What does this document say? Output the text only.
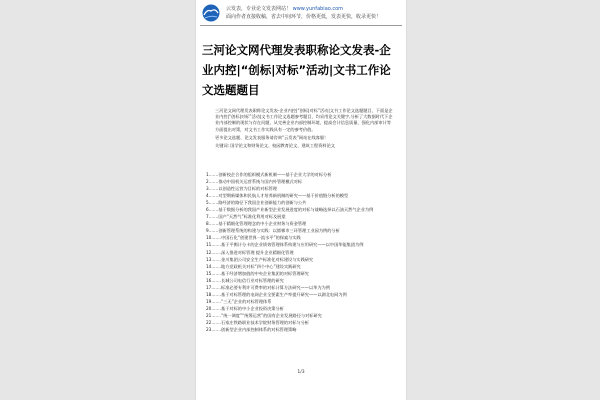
云发表，专业论文发表网站！ www.yunfabiao.com
面向作者直接收稿，省去中间环节，价格更低，发表更快，收录更快！
三河论文网代理发表职称论文发表-企业内控|“创标|对标”活动|文书工作论文选题题目

三河论文网代理发表职称论文发表-企业内控|“创标|对标”活动|文书工作论文选题题目，下面是企业内控|“创标|对标”活动|文书工作论文选题参考题目，均采用论文关键字,分析了大数据时代下企业内部控制的现状与存在问题，从完善企业内部控制环境、提高会计信息质量、强化内部审计等方面提出对策，对文书工作实践具有一定的参考价值。

更多论文选题、论文发表服务请咨询“云发表”网站在线客服！

关键词: 国学论文和财务论文、校园教育论文、建筑工程资料论文

1.……创新校企合作的组织模式新机制——基于企业大学的对标分析
2.……推动中国机关运营系统与国内外管理模式对标
3.……以创造性运营为目标的对标管理
4.……对型期新媒体和民航人才培养新机制的研究——基于价值链分析的模型
5.……路经济的路径下我国企业创新能力的创新与公共
6.……基于数据分析的我国产业新型企业发展进度的对标与战略选择以石油天然气企业为例
7.……国产“天然气”标准化利用对标及展望
8.……基于精细化管理理念的中小企业财务与资金管理
9.……创新管理系统的构建与实践：以邯郸市三环管理工业园为例的分析
10.……中国石化“创建世界一流水平”的探索与实践
11.……基于平衡计分卡的企业绩效管理体系构建与应用研究——以中国华能集团为例
12.……深入推进对标管理 提升企业精细化管理
13.……金川集团公司安全生产标准化对标建设与实践研究
14.……地方党政机关对标“四个中心”建设实践研究
15.……基于经济增加值的中央企业集团的对标管理研究
16.……长城公司电信行业对标管理的研究
17.……标准必要专利许可费率的对标计算方法研究——以华为为例
18.……基于对标管理的电网企业全要素生产率提升研究——以湖北电网为例
19.……“三无”企业的对标管理体系
20.……基于对标的中小企业投资决策分析
21.……“统一调度”“统筹运营”的国有企业发展路径与对标研究
22.……石家庄铁路职业技术学院财务管理的对标与分析
23.……创新型企业内部控制体系的对标管理策略
1/3
